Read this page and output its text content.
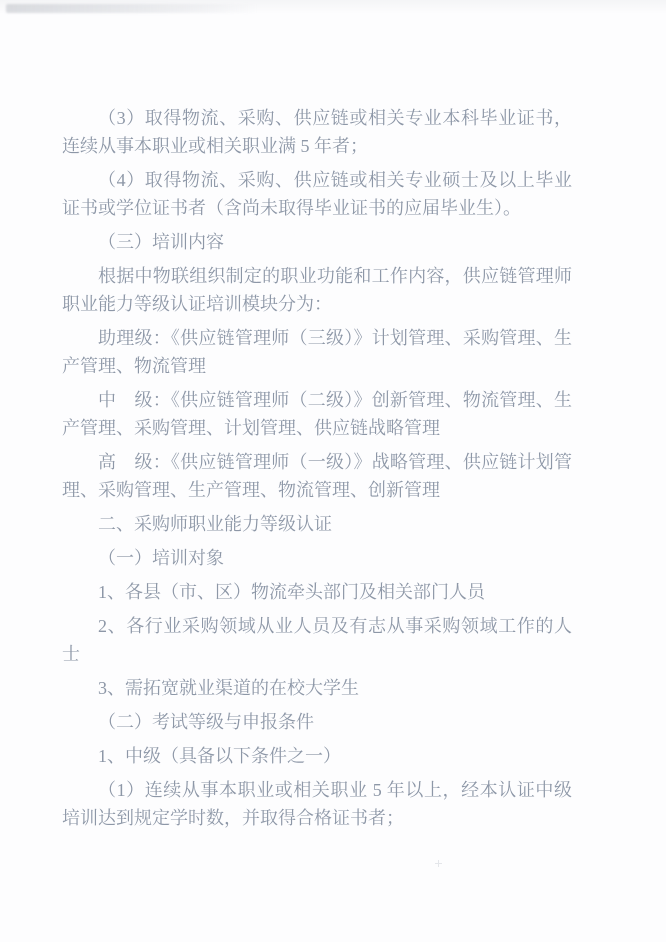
（3）取得物流、采购、供应链或相关专业本科毕业证书，连续从事本职业或相关职业满 5 年者；

（4）取得物流、采购、供应链或相关专业硕士及以上毕业证书或学位证书者（含尚未取得毕业证书的应届毕业生）。

（三）培训内容

根据中物联组织制定的职业功能和工作内容，供应链管理师职业能力等级认证培训模块分为：

助理级：《供应链管理师（三级）》计划管理、采购管理、生产管理、物流管理

中　级：《供应链管理师（二级）》创新管理、物流管理、生产管理、采购管理、计划管理、供应链战略管理

高　级：《供应链管理师（一级）》战略管理、供应链计划管理、采购管理、生产管理、物流管理、创新管理

二、采购师职业能力等级认证

（一）培训对象

1、各县（市、区）物流牵头部门及相关部门人员

2、各行业采购领域从业人员及有志从事采购领域工作的人士

3、需拓宽就业渠道的在校大学生

（二）考试等级与申报条件

1、中级（具备以下条件之一）

（1）连续从事本职业或相关职业 5 年以上，经本认证中级培训达到规定学时数，并取得合格证书者；
